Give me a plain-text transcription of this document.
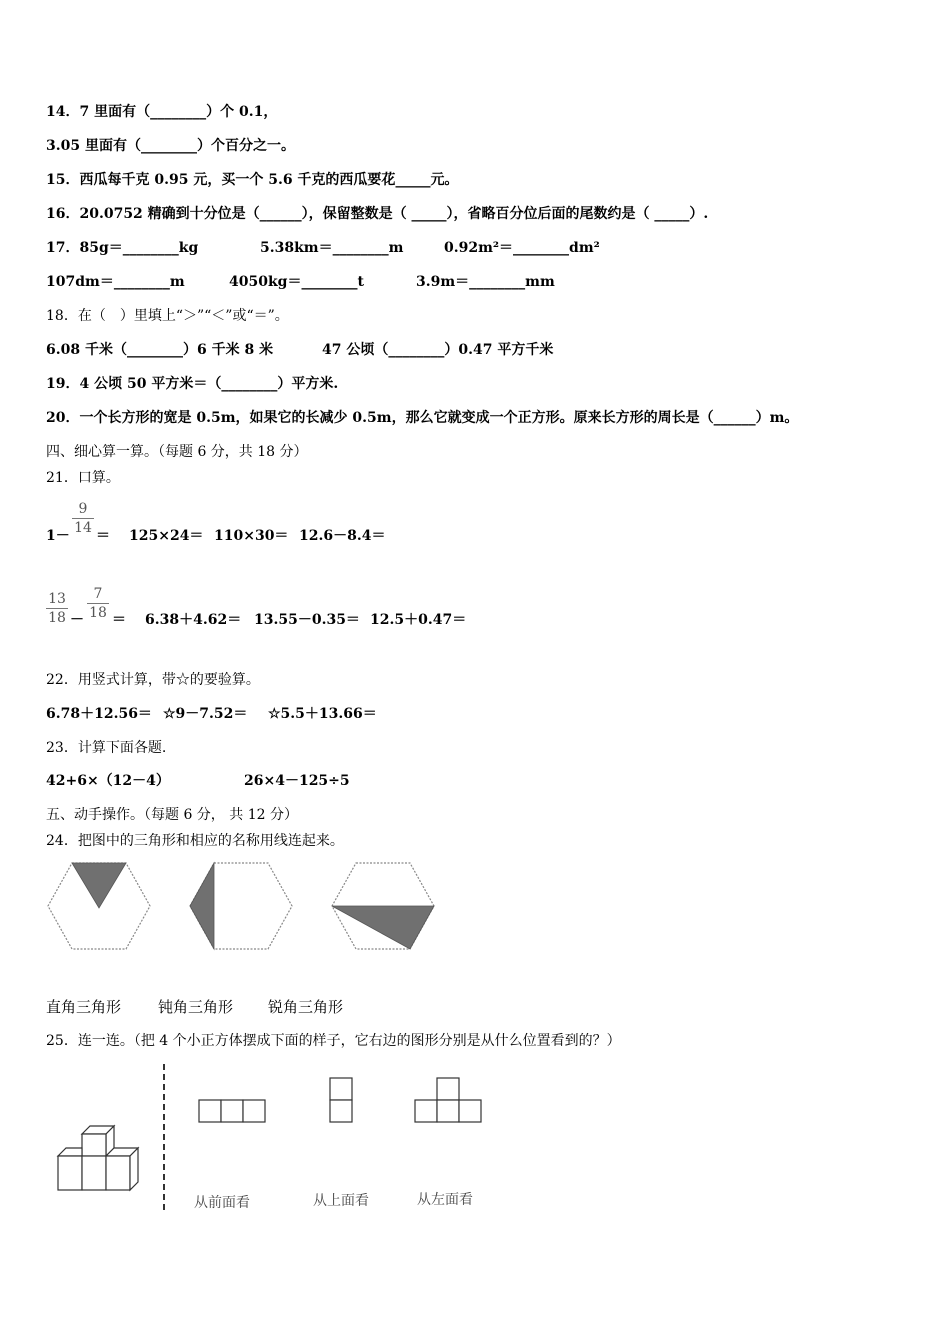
14．7 里面有（________）个 0.1，
3.05 里面有（________）个百分之一。
15．西瓜每千克 0.95 元，买一个 5.6 千克的西瓜要花_____元。
16．20.0752 精确到十分位是（______），保留整数是（ _____），省略百分位后面的尾数约是（ _____）.
17．85g＝________kg	5.38km＝________m	0.92m²＝________dm²
107dm＝________m	4050kg＝________t	3.9m＝________mm
18．在（　）里填上“＞”“＜”或“＝”。
6.08 千米（________）6 千米 8 米	47 公顷（________）0.47 平方千米
19．4 公顷 50 平方米＝（________）平方米.
20．一个长方形的宽是 0.5m，如果它的长减少 0.5m，那么它就变成一个正方形。原来长方形的周长是（______）m。
四、细心算一算。（每题 6 分，共 18 分）
21．口算。
1－
9
14 ＝ 125×24＝ 110×30＝ 12.6－8.4＝
13
18 －
7
18 ＝ 6.38＋4.62＝ 13.55－0.35＝ 12.5＋0.47＝
22．用竖式计算，带☆的要验算。
6.78＋12.56＝ ☆9－7.52＝ ☆5.5＋13.66＝
23．计算下面各题.
42+6×（12－4）	26×4－125÷5
五、动手操作。（每题 6 分， 共 12 分）
24．把图中的三角形和相应的名称用线连起来。
直角三角形 钝角三角形 锐角三角形
25．连一连。（把 4 个小正方体摆成下面的样子，它右边的图形分别是从什么位置看到的？）
从前面看	从上面看	从左面看
